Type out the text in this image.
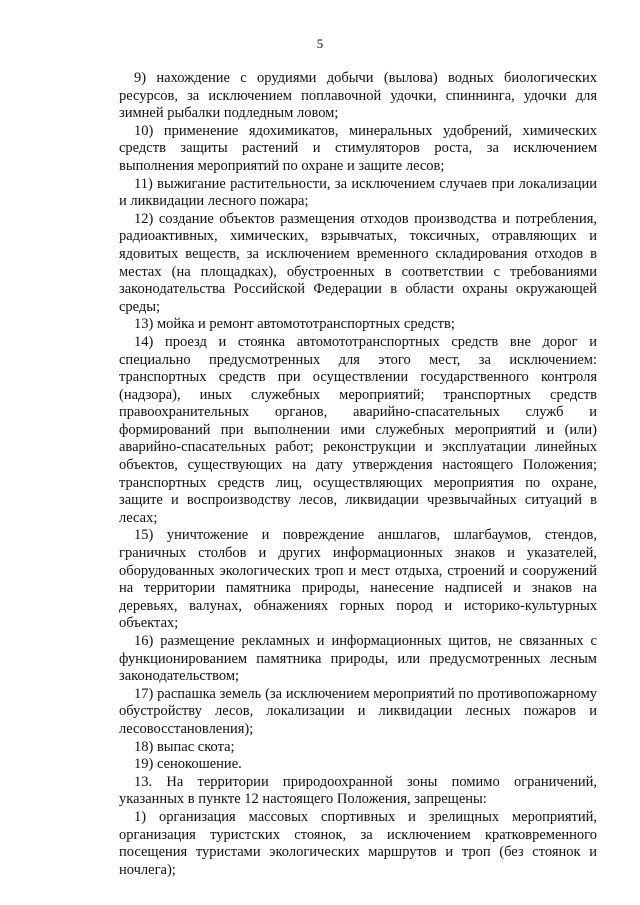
5

9) нахождение с орудиями добычи (вылова) водных биологических ресурсов, за исключением поплавочной удочки, спиннинга, удочки для зимней рыбалки подледным ловом;

10) применение ядохимикатов, минеральных удобрений, химических средств защиты растений и стимуляторов роста, за исключением выполнения мероприятий по охране и защите лесов;

11) выжигание растительности, за исключением случаев при локализации и ликвидации лесного пожара;

12) создание объектов размещения отходов производства и потребления, радиоактивных, химических, взрывчатых, токсичных, отравляющих и ядовитых веществ, за исключением временного складирования отходов в местах (на площадках), обустроенных в соответствии с требованиями законодательства Российской Федерации в области охраны окружающей среды;

13) мойка и ремонт автомототранспортных средств;

14) проезд и стоянка автомототранспортных средств вне дорог и специально предусмотренных для этого мест, за исключением: транспортных средств при осуществлении государственного контроля (надзора), иных служебных мероприятий; транспортных средств правоохранительных органов, аварийно-спасательных служб и формирований при выполнении ими служебных мероприятий и (или) аварийно-спасательных работ; реконструкции и эксплуатации линейных объектов, существующих на дату утверждения настоящего Положения; транспортных средств лиц, осуществляющих мероприятия по охране, защите и воспроизводству лесов, ликвидации чрезвычайных ситуаций в лесах;

15) уничтожение и повреждение аншлагов, шлагбаумов, стендов, граничных столбов и других информационных знаков и указателей, оборудованных экологических троп и мест отдыха, строений и сооружений на территории памятника природы, нанесение надписей и знаков на деревьях, валунах, обнажениях горных пород и историко-культурных объектах;

16) размещение рекламных и информационных щитов, не связанных с функционированием памятника природы, или предусмотренных лесным законодательством;

17) распашка земель (за исключением мероприятий по противопожарному обустройству лесов, локализации и ликвидации лесных пожаров и лесовосстановления);

18) выпас скота;

19) сенокошение.

13. На территории природоохранной зоны помимо ограничений, указанных в пункте 12 настоящего Положения, запрещены:

1) организация массовых спортивных и зрелищных мероприятий, организация туристских стоянок, за исключением кратковременного посещения туристами экологических маршрутов и троп (без стоянок и ночлега);
